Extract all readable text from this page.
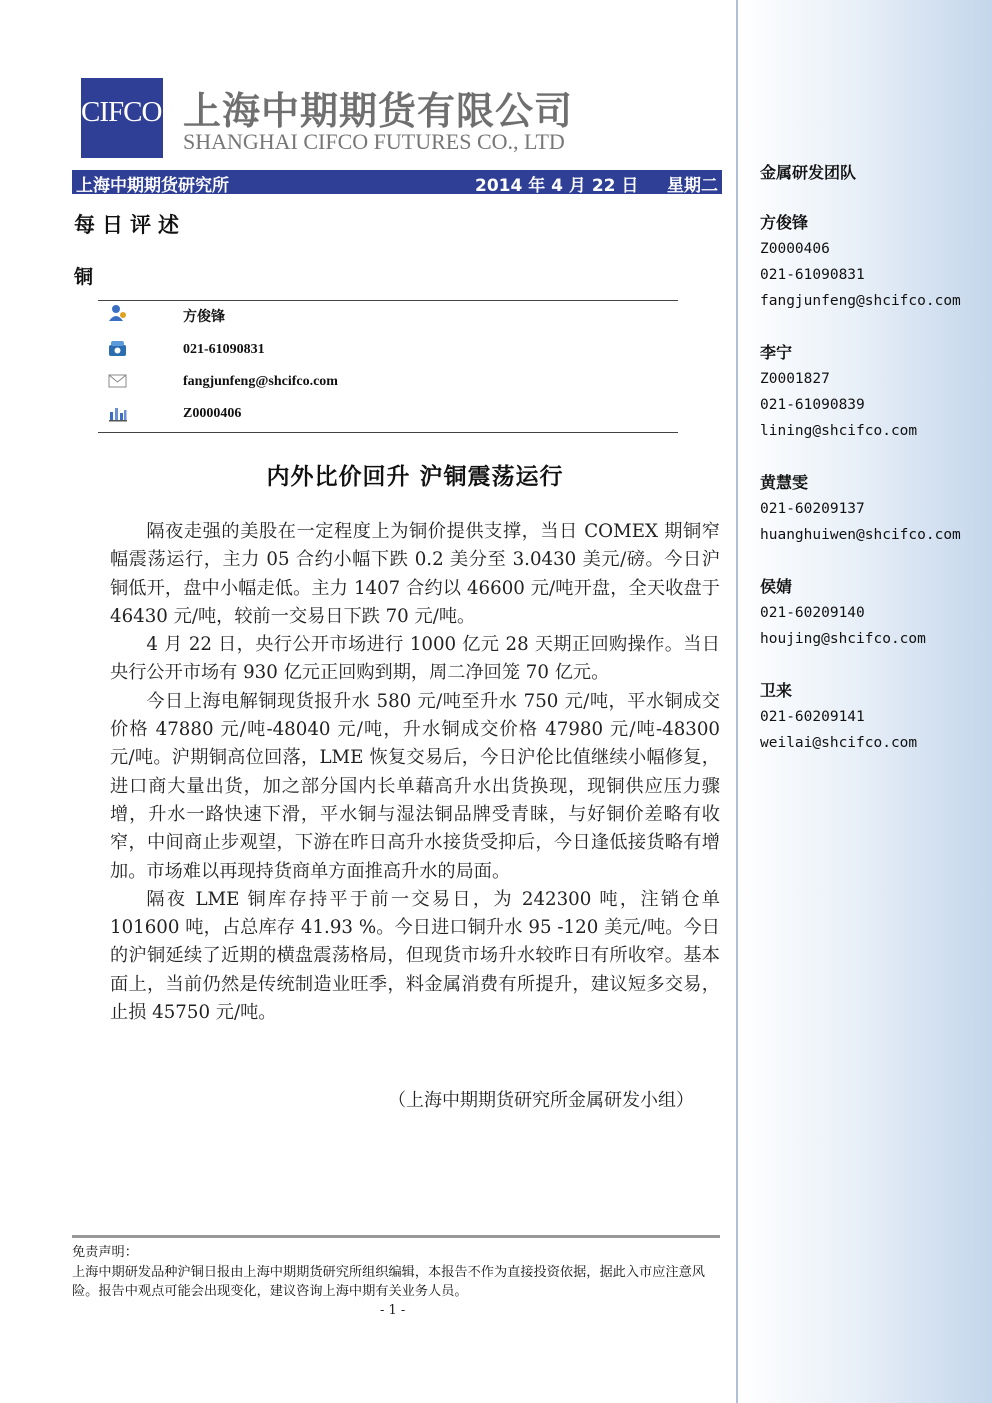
金属研发团队
方俊锋
Z0000406
021-61090831
fangjunfeng@shcifco.com
李宁
Z0001827
021-61090839
lining@shcifco.com
黄慧雯
021-60209137
huanghuiwen@shcifco.com
侯婧
021-60209140
houjing@shcifco.com
卫来
021-60209141
weilai@shcifco.com
CIFCO 上海中期期货有限公司
SHANGHAI CIFCO FUTURES CO., LTD
上海中期期货研究所	2014 年 4 月 22 日 星期二
每日评述
铜
方俊锋
021-61090831
fangjunfeng@shcifco.com
Z0000406
内外比价回升 沪铜震荡运行

隔夜走强的美股在一定程度上为铜价提供支撑，当日 COMEX 期铜窄幅震荡运行，主力 05 合约小幅下跌 0.2 美分至 3.0430 美元/磅。今日沪铜低开，盘中小幅走低。主力 1407 合约以 46600 元/吨开盘，全天收盘于 46430 元/吨，较前一交易日下跌 70 元/吨。

4 月 22 日，央行公开市场进行 1000 亿元 28 天期正回购操作。当日央行公开市场有 930 亿元正回购到期，周二净回笼 70 亿元。

今日上海电解铜现货报升水 580 元/吨至升水 750 元/吨，平水铜成交价格 47880 元/吨-48040 元/吨，升水铜成交价格 47980 元/吨-48300 元/吨。沪期铜高位回落，LME 恢复交易后，今日沪伦比值继续小幅修复，进口商大量出货，加之部分国内长单藉高升水出货换现，现铜供应压力骤增，升水一路快速下滑，平水铜与湿法铜品牌受青睐，与好铜价差略有收窄，中间商止步观望，下游在昨日高升水接货受抑后，今日逢低接货略有增加。市场难以再现持货商单方面推高升水的局面。

隔夜 LME 铜库存持平于前一交易日，为 242300 吨，注销仓单 101600 吨，占总库存 41.93 %。今日进口铜升水 95 -120 美元/吨。今日的沪铜延续了近期的横盘震荡格局，但现货市场升水较昨日有所收窄。基本面上，当前仍然是传统制造业旺季，料金属消费有所提升，建议短多交易，止损 45750 元/吨。

（上海中期期货研究所金属研发小组）
免责声明：
上海中期研发品种沪铜日报由上海中期期货研究所组织编辑，本报告不作为直接投资依据，据此入市应注意风险。报告中观点可能会出现变化，建议咨询上海中期有关业务人员。
- 1 -
